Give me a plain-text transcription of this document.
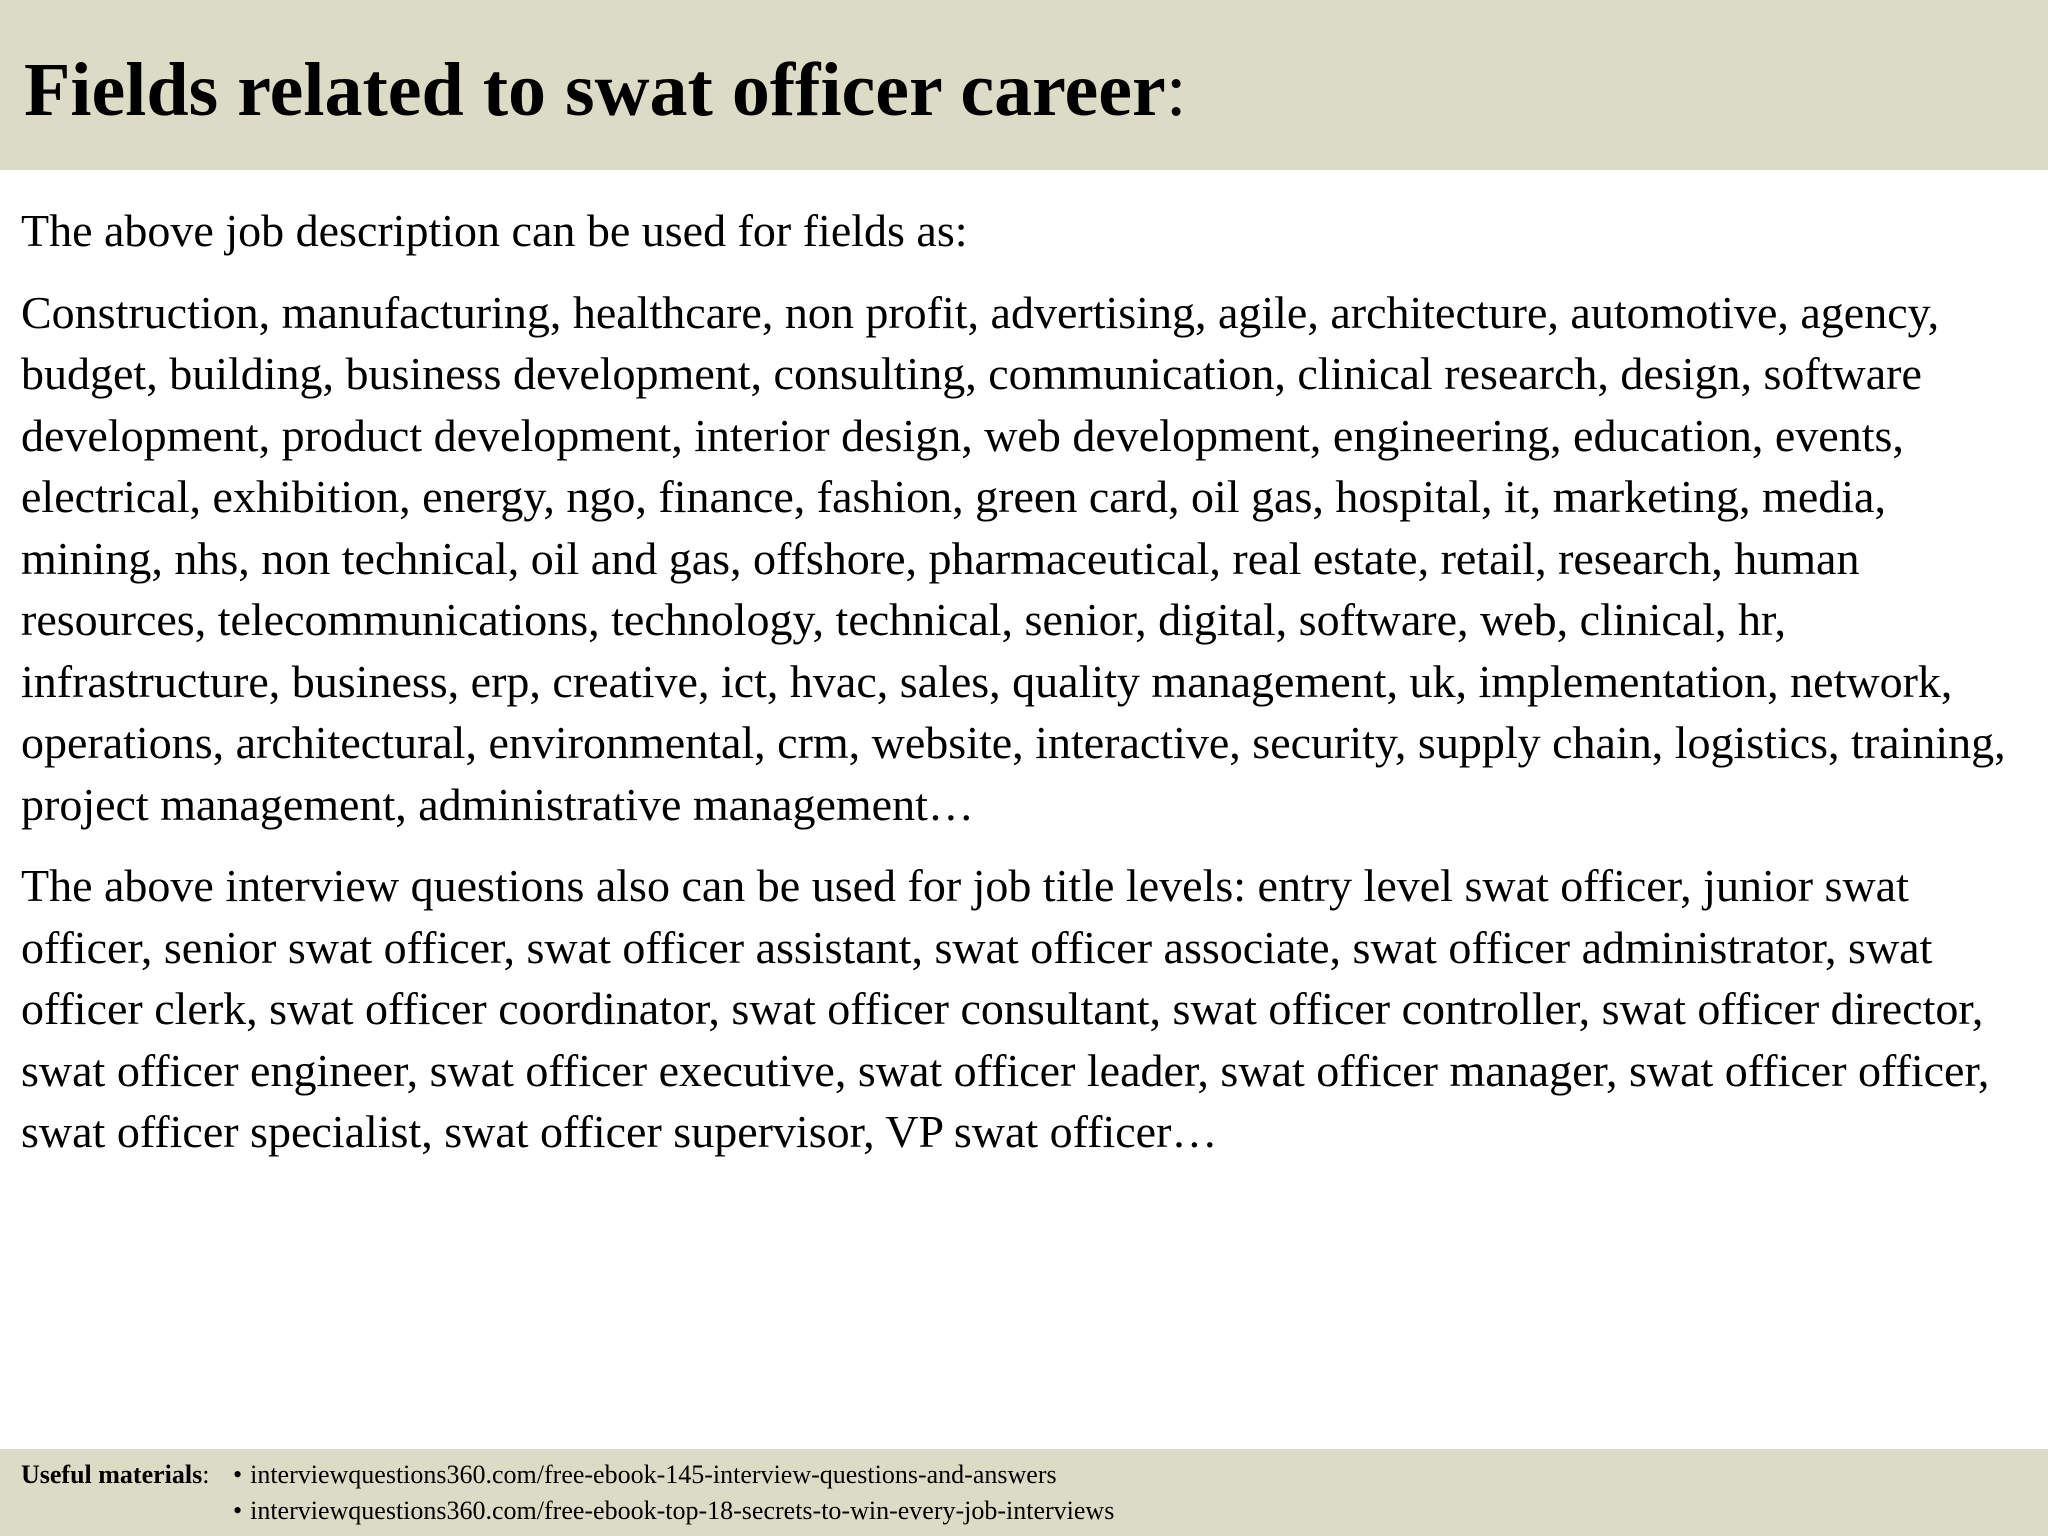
Fields related to swat officer career:

The above job description can be used for fields as:

Construction, manufacturing, healthcare, non profit, advertising, agile, architecture, automotive, agency, budget, building, business development, consulting, communication, clinical research, design, software development, product development, interior design, web development, engineering, education, events, electrical, exhibition, energy, ngo, finance, fashion, green card, oil gas, hospital, it, marketing, media, mining, nhs, non technical, oil and gas, offshore, pharmaceutical, real estate, retail, research, human resources, telecommunications, technology, technical, senior, digital, software, web, clinical, hr, infrastructure, business, erp, creative, ict, hvac, sales, quality management, uk, implementation, network, operations, architectural, environmental, crm, website, interactive, security, supply chain, logistics, training, project management, administrative management…

The above interview questions also can be used for job title levels: entry level swat officer, junior swat officer, senior swat officer, swat officer assistant, swat officer associate, swat officer administrator, swat officer clerk, swat officer coordinator, swat officer consultant, swat officer controller, swat officer director, swat officer engineer, swat officer executive, swat officer leader, swat officer manager, swat officer officer, swat officer specialist, swat officer supervisor, VP swat officer…

Useful materials: • interviewquestions360.com/free-ebook-145-interview-questions-and-answers
• interviewquestions360.com/free-ebook-top-18-secrets-to-win-every-job-interviews
